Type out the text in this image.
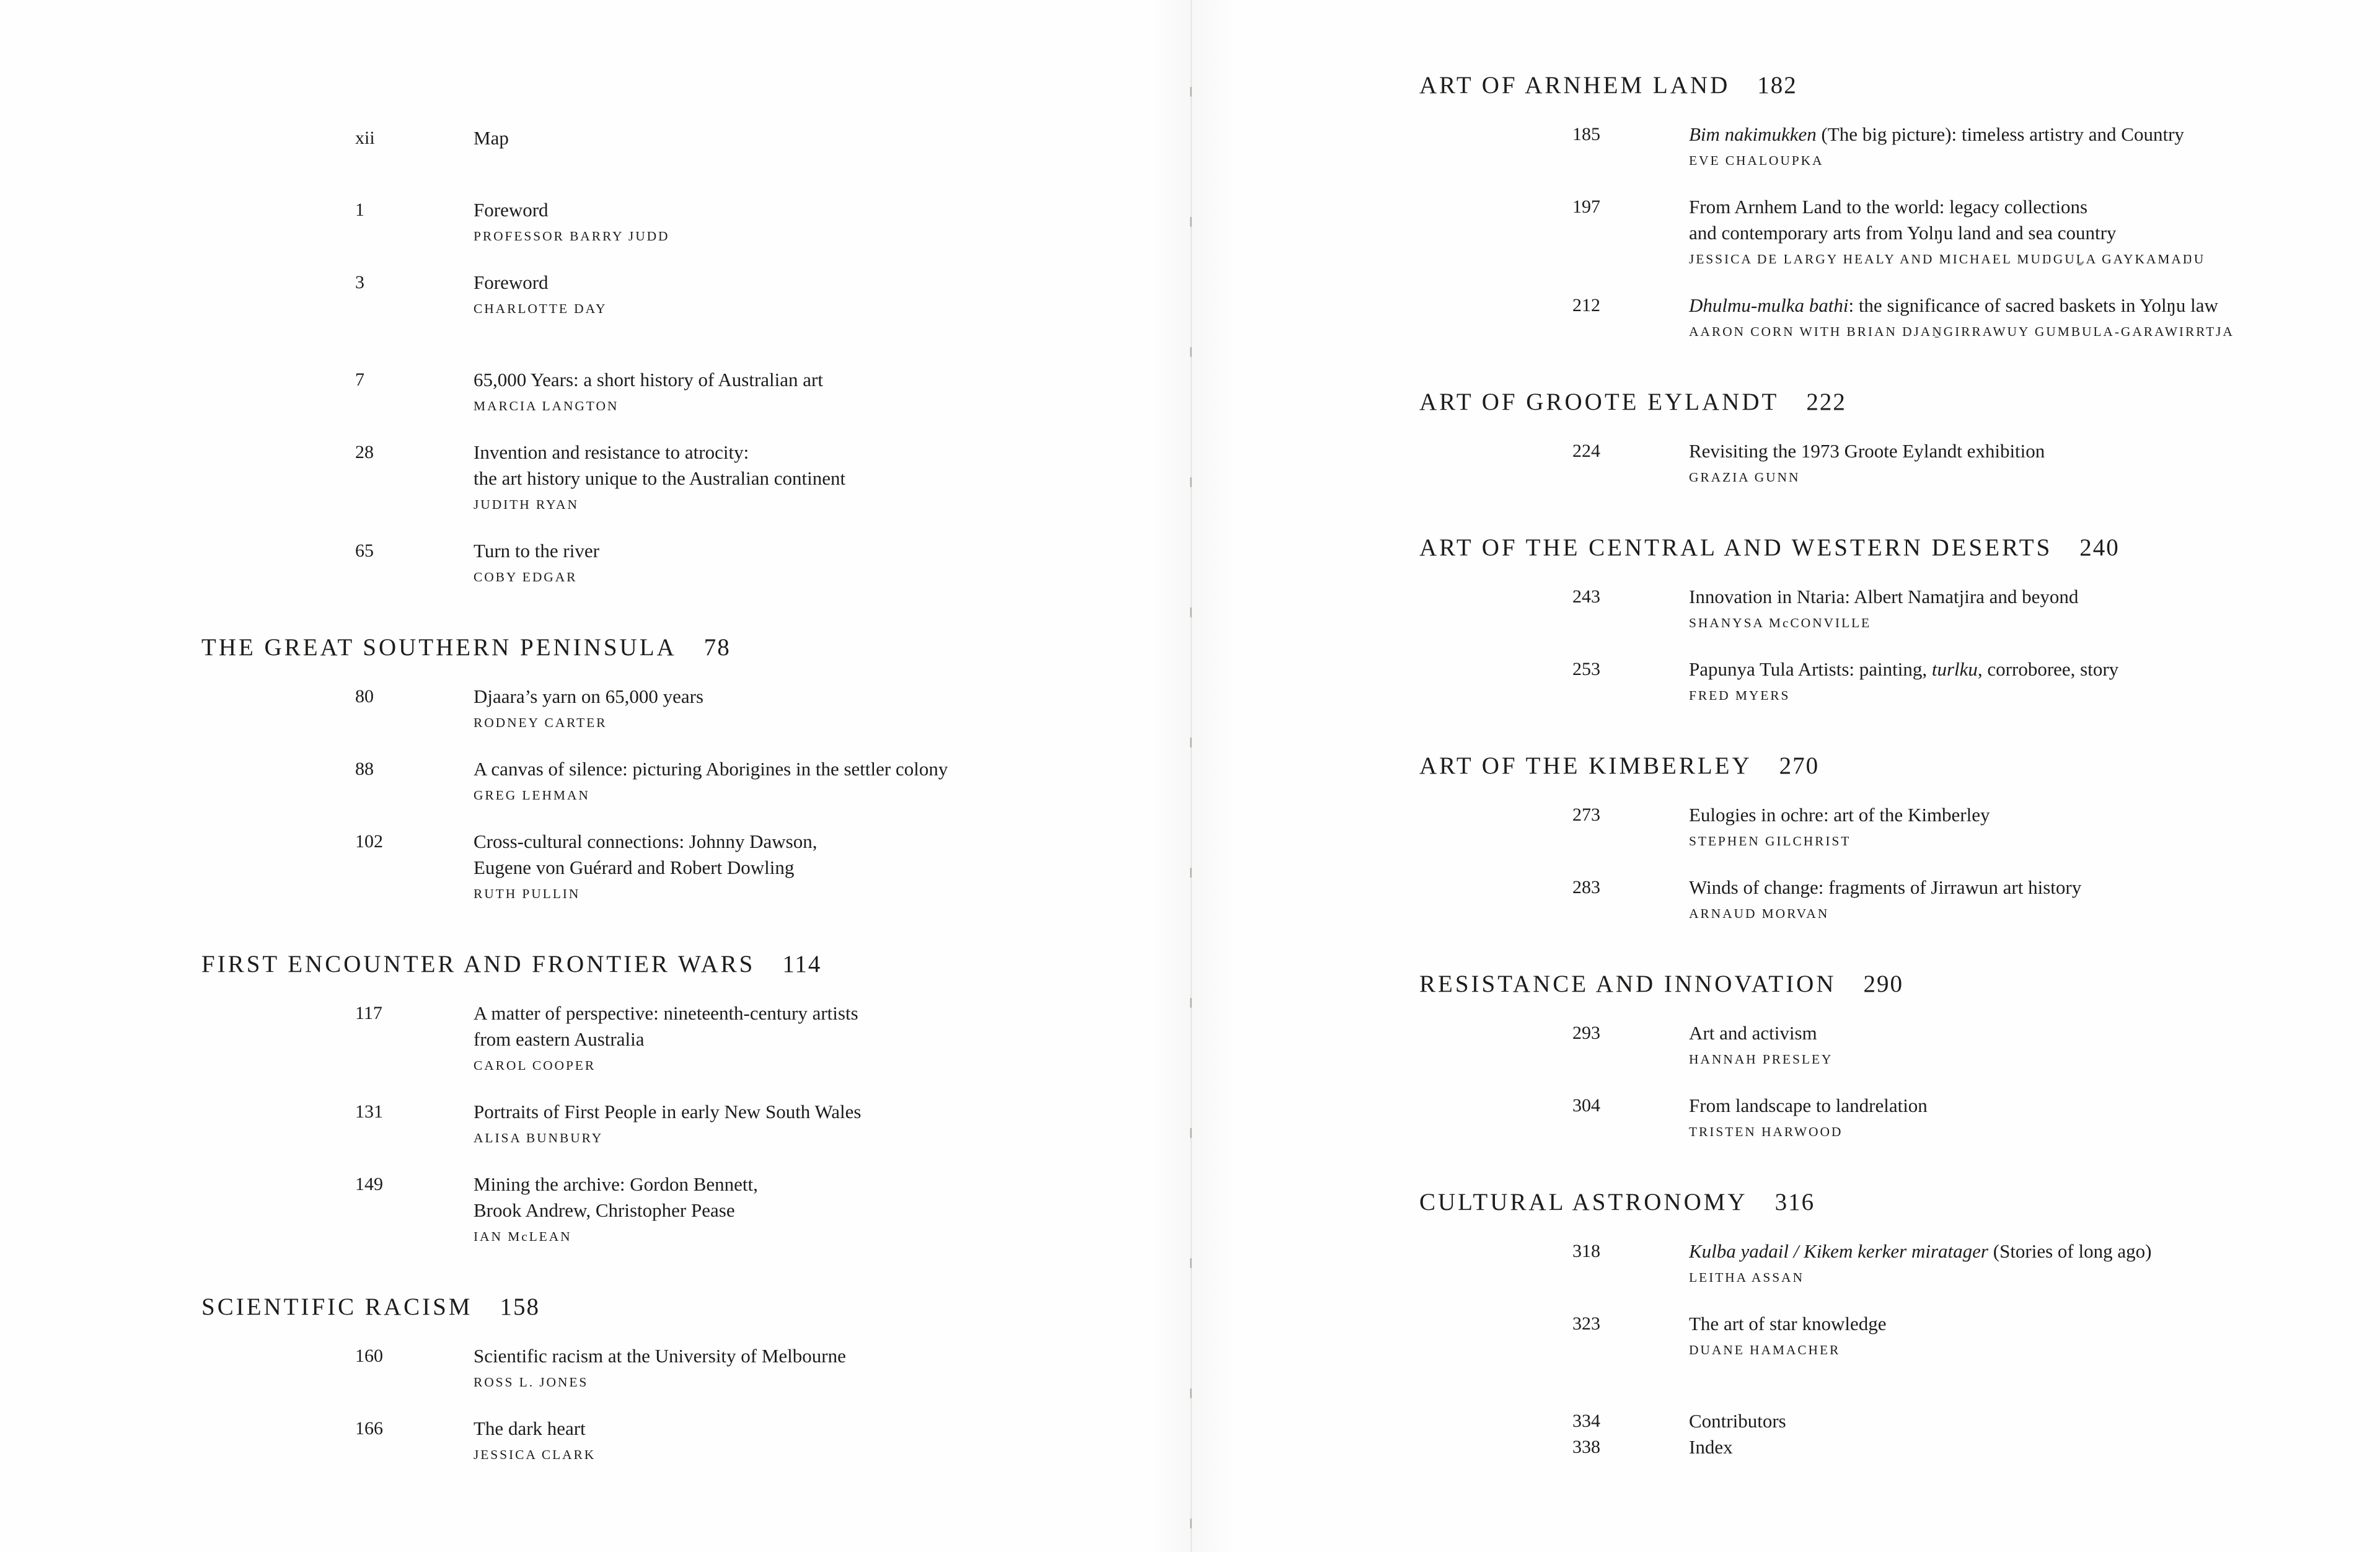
xii	Map
1	Foreword
PROFESSOR BARRY JUDD
3	Foreword
CHARLOTTE DAY
7	65,000 Years: a short history of Australian art
MARCIA LANGTON
28	Invention and resistance to atrocity:
the art history unique to the Australian continent
JUDITH RYAN
65	Turn to the river
COBY EDGAR
THE GREAT SOUTHERN PENINSULA 78
80	Djaara’s yarn on 65,000 years
RODNEY CARTER
88	A canvas of silence: picturing Aborigines in the settler colony
GREG LEHMAN
102	Cross-cultural connections: Johnny Dawson,
Eugene von Guérard and Robert Dowling
RUTH PULLIN
FIRST ENCOUNTER AND FRONTIER WARS 114
117	A matter of perspective: nineteenth-century artists
from eastern Australia
CAROL COOPER
131	Portraits of First People in early New South Wales
ALISA BUNBURY
149	Mining the archive: Gordon Bennett,
Brook Andrew, Christopher Pease
IAN McLEAN
SCIENTIFIC RACISM 158
160	Scientific racism at the University of Melbourne
ROSS L. JONES
166	The dark heart
JESSICA CLARK
ART OF ARNHEM LAND 182
185	Bim nakimukken (The big picture): timeless artistry and Country
EVE CHALOUPKA
197	From Arnhem Land to the world: legacy collections
and contemporary arts from Yolŋu land and sea country
JESSICA DE LARGY HEALY AND MICHAEL MUŊGUḺA GAYKAMAŊU
212	Dhulmu-mulka bathi: the significance of sacred baskets in Yolŋu law
AARON CORN WITH BRIAN DJAṈGIRRAWUY GUMBULA-GARAWIRRTJA
ART OF GROOTE EYLANDT 222
224	Revisiting the 1973 Groote Eylandt exhibition
GRAZIA GUNN
ART OF THE CENTRAL AND WESTERN DESERTS 240
243	Innovation in Ntaria: Albert Namatjira and beyond
SHANYSA McCONVILLE
253	Papunya Tula Artists: painting, turlku, corroboree, story
FRED MYERS
ART OF THE KIMBERLEY 270
273	Eulogies in ochre: art of the Kimberley
STEPHEN GILCHRIST
283	Winds of change: fragments of Jirrawun art history
ARNAUD MORVAN
RESISTANCE AND INNOVATION 290
293	Art and activism
HANNAH PRESLEY
304	From landscape to landrelation
TRISTEN HARWOOD
CULTURAL ASTRONOMY 316
318	Kulba yadail / Kikem kerker miratager (Stories of long ago)
LEITHA ASSAN
323	The art of star knowledge
DUANE HAMACHER
334	Contributors
338	Index
